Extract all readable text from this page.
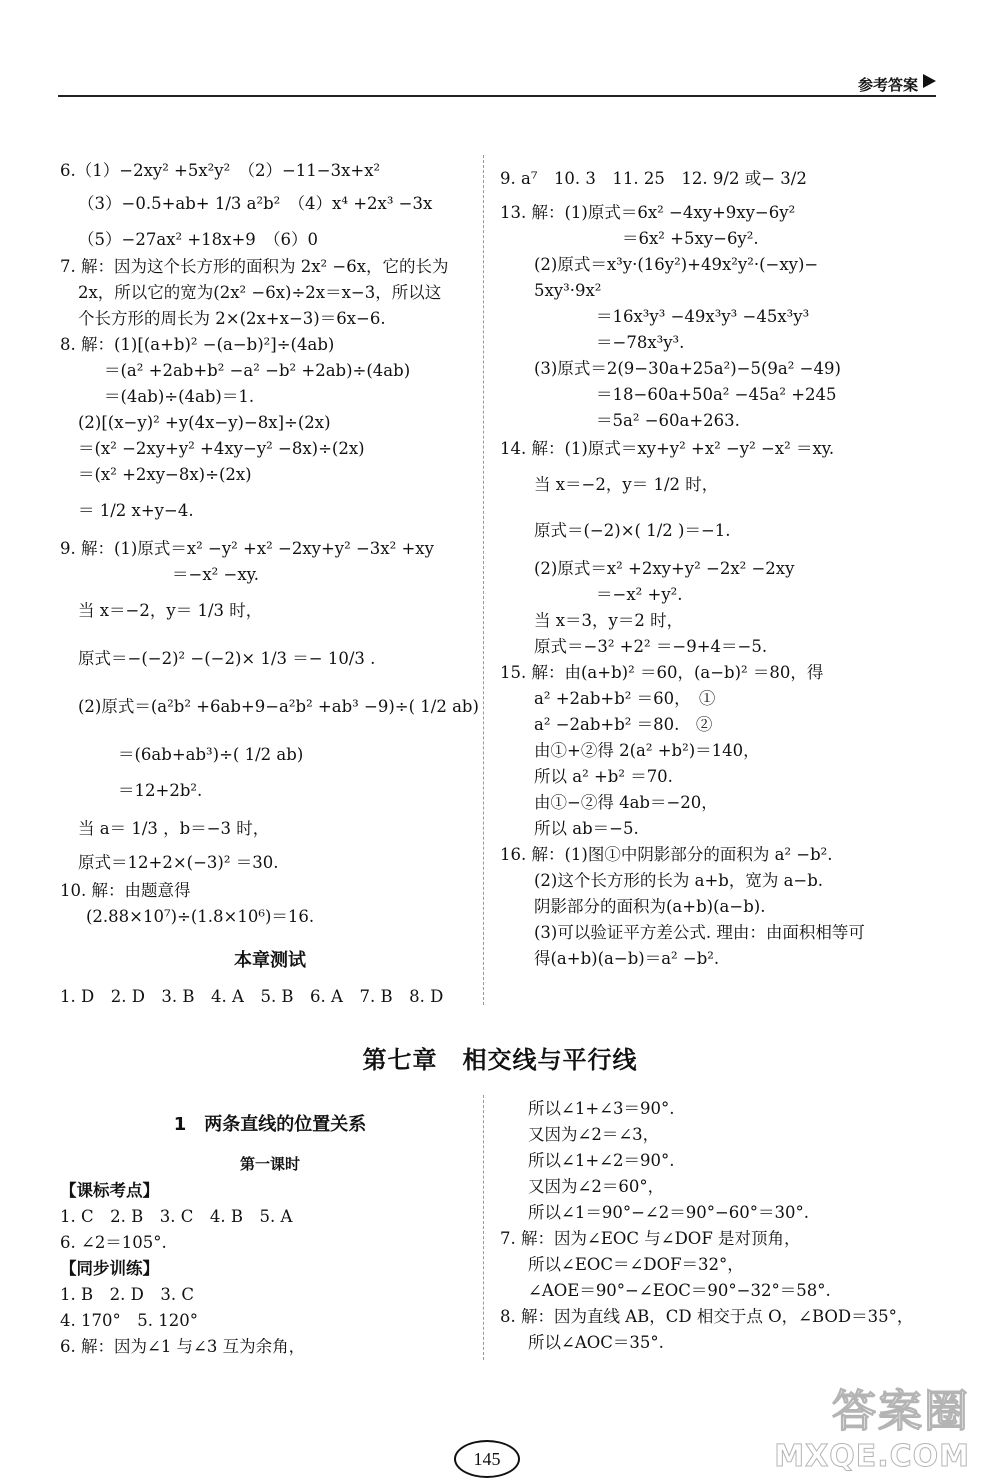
参考答案
6.（1）−2xy² +5x²y²　（2）−11−3x+x²
（3）−0.5+ab+ 1/3 a²b²　（4）x⁴ +2x³ −3x
（5）−27ax² +18x+9　（6）0
7. 解：因为这个长方形的面积为 2x² −6x，它的长为
2x，所以它的宽为(2x² −6x)÷2x＝x−3，所以这
个长方形的周长为 2×(2x+x−3)＝6x−6.
8. 解：(1)[(a+b)² −(a−b)²]÷(4ab)
＝(a² +2ab+b² −a² −b² +2ab)÷(4ab)
＝(4ab)÷(4ab)＝1.
(2)[(x−y)² +y(4x−y)−8x]÷(2x)
＝(x² −2xy+y² +4xy−y² −8x)÷(2x)
＝(x² +2xy−8x)÷(2x)
＝ 1/2 x+y−4.
9. 解：(1)原式＝x² −y² +x² −2xy+y² −3x² +xy
＝−x² −xy.
当 x＝−2，y＝ 1/3 时，
原式＝−(−2)² −(−2)× 1/3 ＝− 10/3 .
(2)原式＝(a²b² +6ab+9−a²b² +ab³ −9)÷( 1/2 ab)
＝(6ab+ab³)÷( 1/2 ab)
＝12+2b².
当 a＝ 1/3 ，b＝−3 时，
原式＝12+2×(−3)² ＝30.
10. 解：由题意得
(2.88×10⁷)÷(1.8×10⁶)＝16.
本章测试
1. D　2. D　3. B　4. A　5. B　6. A　7. B　8. D
9. a⁷　10. 3　11. 25　12. 9/2 或− 3/2
13. 解：(1)原式＝6x² −4xy+9xy−6y²
＝6x² +5xy−6y².
(2)原式＝x³y·(16y²)+49x²y²·(−xy)−
5xy³·9x²
＝16x³y³ −49x³y³ −45x³y³
＝−78x³y³.
(3)原式＝2(9−30a+25a²)−5(9a² −49)
＝18−60a+50a² −45a² +245
＝5a² −60a+263.
14. 解：(1)原式＝xy+y² +x² −y² −x² ＝xy.
当 x＝−2，y＝ 1/2 时，
原式＝(−2)×( 1/2 )＝−1.
(2)原式＝x² +2xy+y² −2x² −2xy
＝−x² +y².
当 x＝3，y＝2 时，
原式＝−3² +2² ＝−9+4＝−5.
15. 解：由(a+b)² ＝60，(a−b)² ＝80，得
a² +2ab+b² ＝60，　①
a² −2ab+b² ＝80.　②
由①+②得 2(a² +b²)＝140，
所以 a² +b² ＝70.
由①−②得 4ab＝−20，
所以 ab＝−5.
16. 解：(1)图①中阴影部分的面积为 a² −b².
(2)这个长方形的长为 a+b，宽为 a−b.
阴影部分的面积为(a+b)(a−b).
(3)可以验证平方差公式. 理由：由面积相等可
得(a+b)(a−b)＝a² −b².
第七章　相交线与平行线
1　两条直线的位置关系
第一课时
【课标考点】
1. C　2. B　3. C　4. B　5. A
6. ∠2＝105°.
【同步训练】
1. B　2. D　3. C
4. 170°　5. 120°
6. 解：因为∠1 与∠3 互为余角，
所以∠1+∠3＝90°.
又因为∠2＝∠3，
所以∠1+∠2＝90°.
又因为∠2＝60°，
所以∠1＝90°−∠2＝90°−60°＝30°.
7. 解：因为∠EOC 与∠DOF 是对顶角，
所以∠EOC＝∠DOF＝32°，
∠AOE＝90°−∠EOC＝90°−32°＝58°.
8. 解：因为直线 AB，CD 相交于点 O，∠BOD＝35°，
所以∠AOC＝35°.
145
答案圈
MXQE.COM
